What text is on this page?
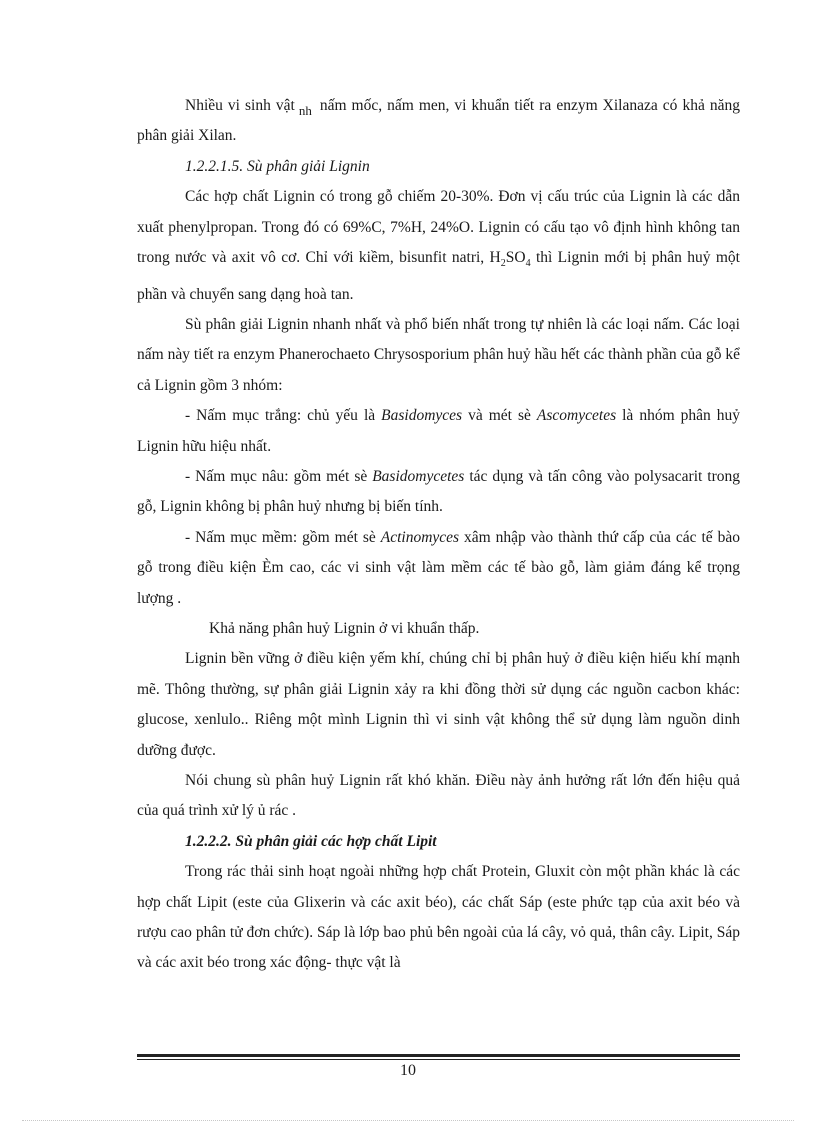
Nhiều vi sinh vật $_{nh}$ nấm mốc, nấm men, vi khuẩn tiết ra enzym Xilanaza có khả năng phân giải Xilan.

1.2.2.1.5. Sù phân giải Lignin

Các hợp chất Lignin có trong gỗ chiếm 20-30%. Đơn vị cấu trúc của Lignin là các dẫn xuất phenylpropan. Trong đó có 69%C, 7%H, 24%O. Lignin có cấu tạo vô định hình không tan trong nước và axit vô cơ. Chỉ với kiềm, bisunfit natri, $H_2SO_4$ thì Lignin mới bị phân huỷ một phần và chuyển sang dạng hoà tan.

Sù phân giải Lignin nhanh nhất và phổ biến nhất trong tự nhiên là các loại nấm. Các loại nấm này tiết ra enzym Phanerochaeto Chrysosporium phân huỷ hầu hết các thành phần của gỗ kể cả Lignin gồm 3 nhóm:

- Nấm mục trắng: chủ yếu là Basidomyces và mét sè Ascomycetes là nhóm phân huỷ Lignin hữu hiệu nhất.

- Nấm mục nâu: gồm mét sè Basidomycetes tác dụng và tấn công vào polysacarit trong gỗ, Lignin không bị phân huỷ nhưng bị biến tính.

- Nấm mục mềm: gồm mét sè Actinomyces xâm nhập vào thành thứ cấp của các tế bào gỗ trong điều kiện Èm cao, các vi sinh vật làm mềm các tế bào gỗ, làm giảm đáng kể trọng lượng .

Khả năng phân huỷ Lignin ở vi khuẩn thấp.

Lignin bền vững ở điều kiện yếm khí, chúng chỉ bị phân huỷ ở điều kiện hiếu khí mạnh mẽ. Thông thường, sự phân giải Lignin xảy ra khi đồng thời sử dụng các nguồn cacbon khác: glucose, xenlulo.. Riêng một mình Lignin thì vi sinh vật không thể sử dụng làm nguồn dinh dưỡng được.

Nói chung sù phân huỷ Lignin rất khó khăn. Điều này ảnh hưởng rất lớn đến hiệu quả của quá trình xử lý ủ rác .

1.2.2.2. Sù phân giải các hợp chất Lipit

Trong rác thải sinh hoạt ngoài những hợp chất Protein, Gluxit còn một phần khác là các hợp chất Lipit (este của Glixerin và các axit béo), các chất Sáp (este phức tạp của axit béo và rượu cao phân tử đơn chức). Sáp là lớp bao phủ bên ngoài của lá cây, vỏ quả, thân cây. Lipit, Sáp và các axit béo trong xác động- thực vật là

10
